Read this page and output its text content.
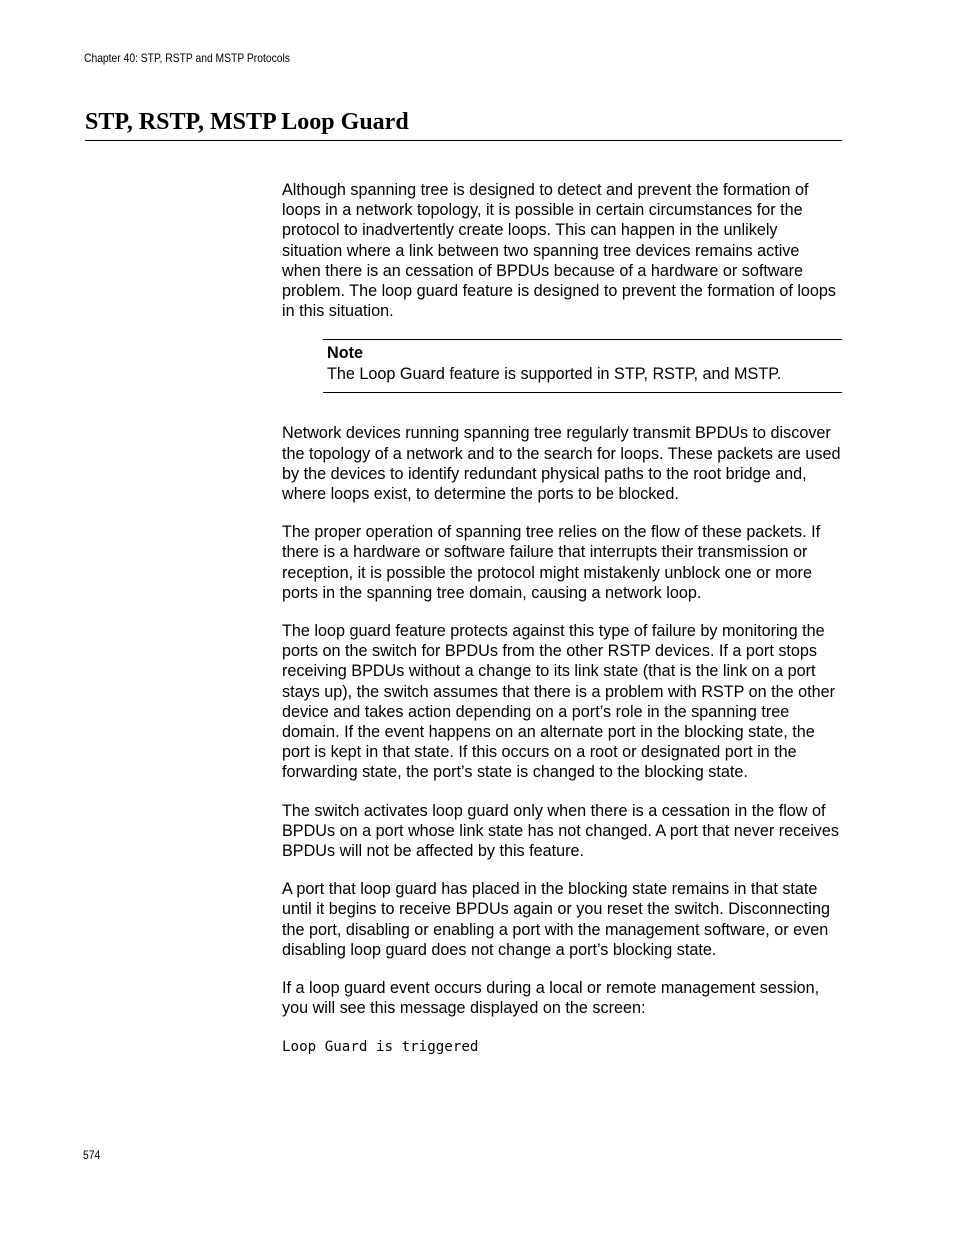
Chapter 40: STP, RSTP and MSTP Protocols
STP, RSTP, MSTP Loop Guard

Although spanning tree is designed to detect and prevent the formation of loops in a network topology, it is possible in certain circumstances for the protocol to inadvertently create loops. This can happen in the unlikely situation where a link between two spanning tree devices remains active when there is an cessation of BPDUs because of a hardware or software problem. The loop guard feature is designed to prevent the formation of loops in this situation.

Note
The Loop Guard feature is supported in STP, RSTP, and MSTP.

Network devices running spanning tree regularly transmit BPDUs to discover the topology of a network and to the search for loops. These packets are used by the devices to identify redundant physical paths to the root bridge and, where loops exist, to determine the ports to be blocked.

The proper operation of spanning tree relies on the flow of these packets. If there is a hardware or software failure that interrupts their transmission or reception, it is possible the protocol might mistakenly unblock one or more ports in the spanning tree domain, causing a network loop.

The loop guard feature protects against this type of failure by monitoring the ports on the switch for BPDUs from the other RSTP devices. If a port stops receiving BPDUs without a change to its link state (that is the link on a port stays up), the switch assumes that there is a problem with RSTP on the other device and takes action depending on a port’s role in the spanning tree domain. If the event happens on an alternate port in the blocking state, the port is kept in that state. If this occurs on a root or designated port in the forwarding state, the port’s state is changed to the blocking state.

The switch activates loop guard only when there is a cessation in the flow of BPDUs on a port whose link state has not changed. A port that never receives BPDUs will not be affected by this feature.

A port that loop guard has placed in the blocking state remains in that state until it begins to receive BPDUs again or you reset the switch. Disconnecting the port, disabling or enabling a port with the management software, or even disabling loop guard does not change a port’s blocking state.

If a loop guard event occurs during a local or remote management session, you will see this message displayed on the screen:

Loop Guard is triggered
574
